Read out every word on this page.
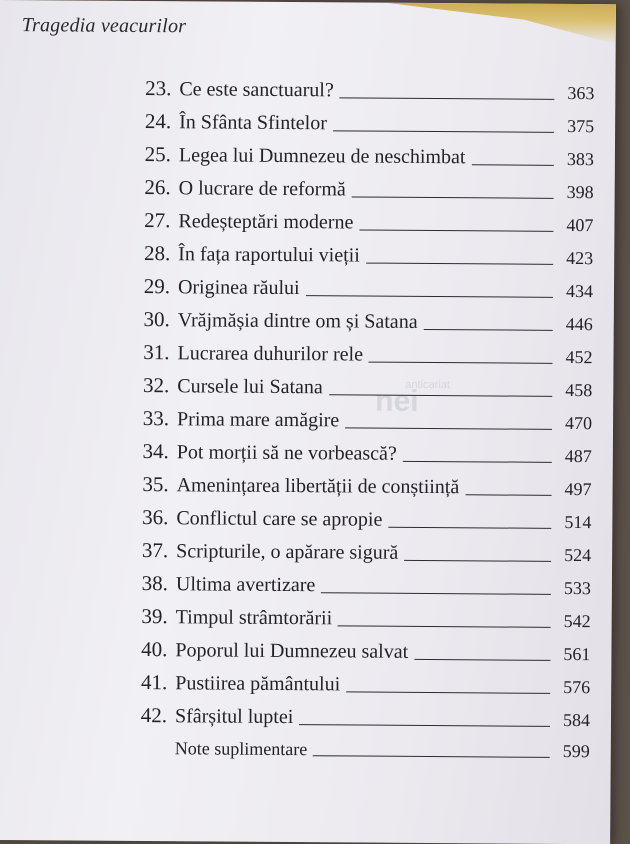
Tragedia veacurilor
anticariat
nei
23. Ce este sanctuarul?	363
24. În Sfânta Sfintelor	375
25. Legea lui Dumnezeu de neschimbat	383
26. O lucrare de reformă	398
27. Redeșteptări moderne	407
28. În fața raportului vieții	423
29. Originea răului	434
30. Vrăjmășia dintre om și Satana	446
31. Lucrarea duhurilor rele	452
32. Cursele lui Satana	458
33. Prima mare amăgire	470
34. Pot morții să ne vorbească?	487
35. Amenințarea libertății de conștiință	497
36. Conflictul care se apropie	514
37. Scripturile, o apărare sigură	524
38. Ultima avertizare	533
39. Timpul strâmtorării	542
40. Poporul lui Dumnezeu salvat	561
41. Pustiirea pământului	576
42. Sfârșitul luptei	584
Note suplimentare	599
